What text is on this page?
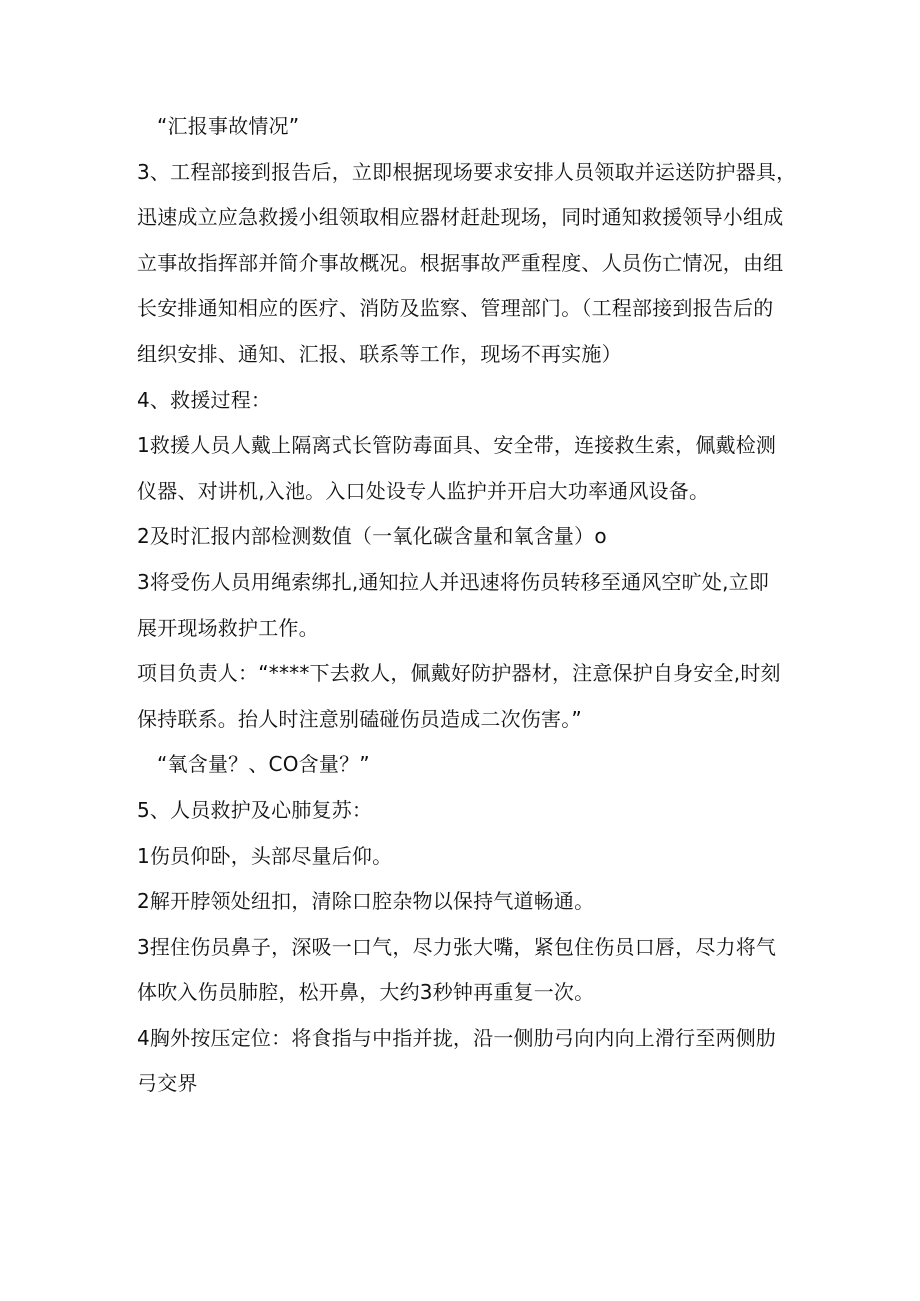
“汇报事故情况”
3、工程部接到报告后，立即根据现场要求安排人员领取并运送防护器具，
迅速成立应急救援小组领取相应器材赶赴现场，同时通知救援领导小组成
立事故指挥部并简介事故概况。根据事故严重程度、人员伤亡情况，由组
长安排通知相应的医疗、消防及监察、管理部门。（工程部接到报告后的
组织安排、通知、汇报、联系等工作，现场不再实施）
4、救援过程：
1救援人员人戴上隔离式长管防毒面具、安全带，连接救生索，佩戴检测
仪器、对讲机,入池。入口处设专人监护并开启大功率通风设备。
2及时汇报内部检测数值（一氧化碳含量和氧含量）o
3将受伤人员用绳索绑扎,通知拉人并迅速将伤员转移至通风空旷处,立即
展开现场救护工作。
项目负责人：“****下去救人，佩戴好防护器材，注意保护自身安全,时刻
保持联系。抬人时注意别磕碰伤员造成二次伤害。”
“氧含量？、CO含量？”
5、人员救护及心肺复苏：
1伤员仰卧，头部尽量后仰。
2解开脖领处纽扣，清除口腔杂物以保持气道畅通。
3捏住伤员鼻子，深吸一口气，尽力张大嘴，紧包住伤员口唇，尽力将气
体吹入伤员肺腔，松开鼻，大约3秒钟再重复一次。
4胸外按压定位：将食指与中指并拢，沿一侧肋弓向内向上滑行至两侧肋
弓交界
